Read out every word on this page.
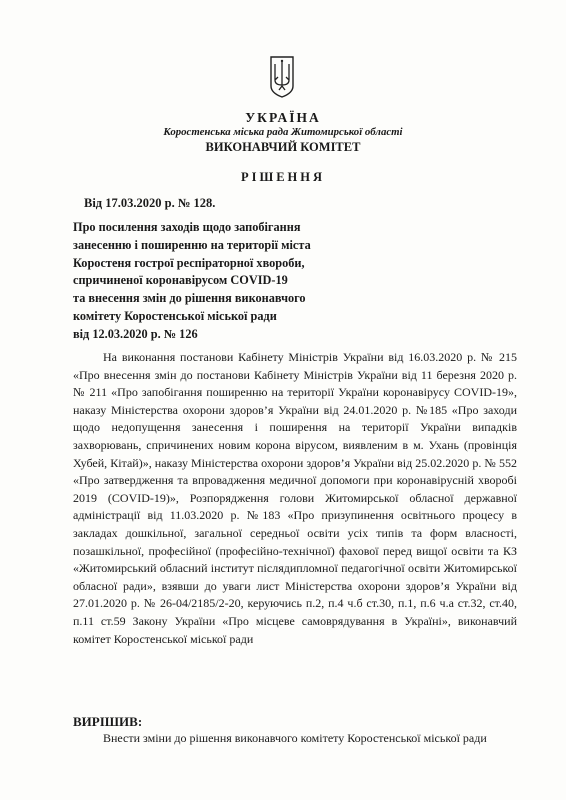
УКРАЇНА
Коростенська міська рада Житомирської області
ВИКОНАВЧИЙ КОМІТЕТ
РІШЕННЯ
Від 17.03.2020 р. № 128.
Про посилення заходів щодо запобігання
занесенню і поширенню на території міста
Коростеня гострої респіраторної хвороби,
спричиненої коронавірусом COVID-19
та внесення змін до рішення виконавчого
комітету Коростенської міської ради
від 12.03.2020 р. № 126

На виконання постанови Кабінету Міністрів України від 16.03.2020 р. № 215 «Про внесення змін до постанови Кабінету Міністрів України від 11 березня 2020 р. № 211 «Про запобігання поширенню на території України коронавірусу COVID-19», наказу Міністерства охорони здоров’я України від 24.01.2020 р. №185 «Про заходи щодо недопущення занесення і поширення на території України випадків захворювань, спричинених новим корона вірусом, виявленим в м. Ухань (провінція Хубей, Кітай)», наказу Міністерства охорони здоров’я України від 25.02.2020 р. № 552 «Про затвердження та впровадження медичної допомоги при коронавірусній хворобі 2019 (COVID-19)», Розпорядження голови Житомирської обласної державної адміністрації від 11.03.2020 р. №183 «Про призупинення освітнього процесу в закладах дошкільної, загальної середньої освіти усіх типів та форм власності, позашкільної, професійної (професійно-технічної) фахової перед вищої освіти та КЗ «Житомирський обласний інститут післядипломної педагогічної освіти Житомирської обласної ради», взявши до уваги лист Міністерства охорони здоров’я України від 27.01.2020 р. № 26-04/2185/2-20, керуючись п.2, п.4 ч.б ст.30, п.1, п.6 ч.а ст.32, ст.40, п.11 ст.59 Закону України «Про місцеве самоврядування в Україні», виконавчий комітет Коростенської міської ради

ВИРІШИВ:

Внести зміни до рішення виконавчого комітету Коростенської міської ради
